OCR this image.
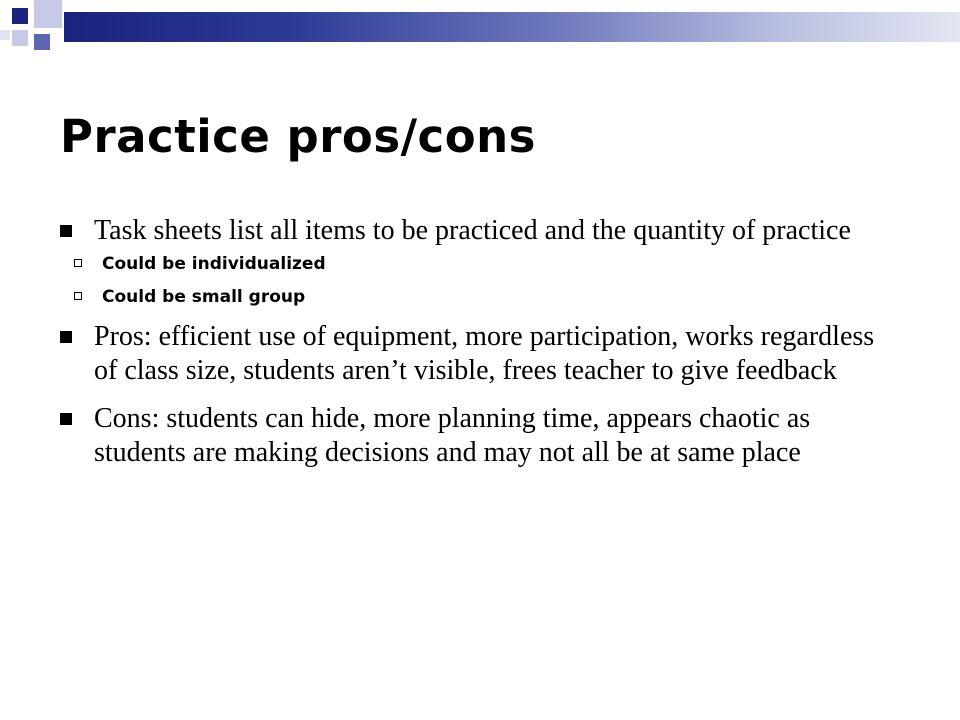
Practice pros/cons
Task sheets list all items to be practiced and the quantity of practice
Could be individualized
Could be small group
Pros: efficient use of equipment, more participation, works regardless of class size, students aren’t visible, frees teacher to give feedback
Cons: students can hide, more planning time, appears chaotic as students are making decisions and may not all be at same place
